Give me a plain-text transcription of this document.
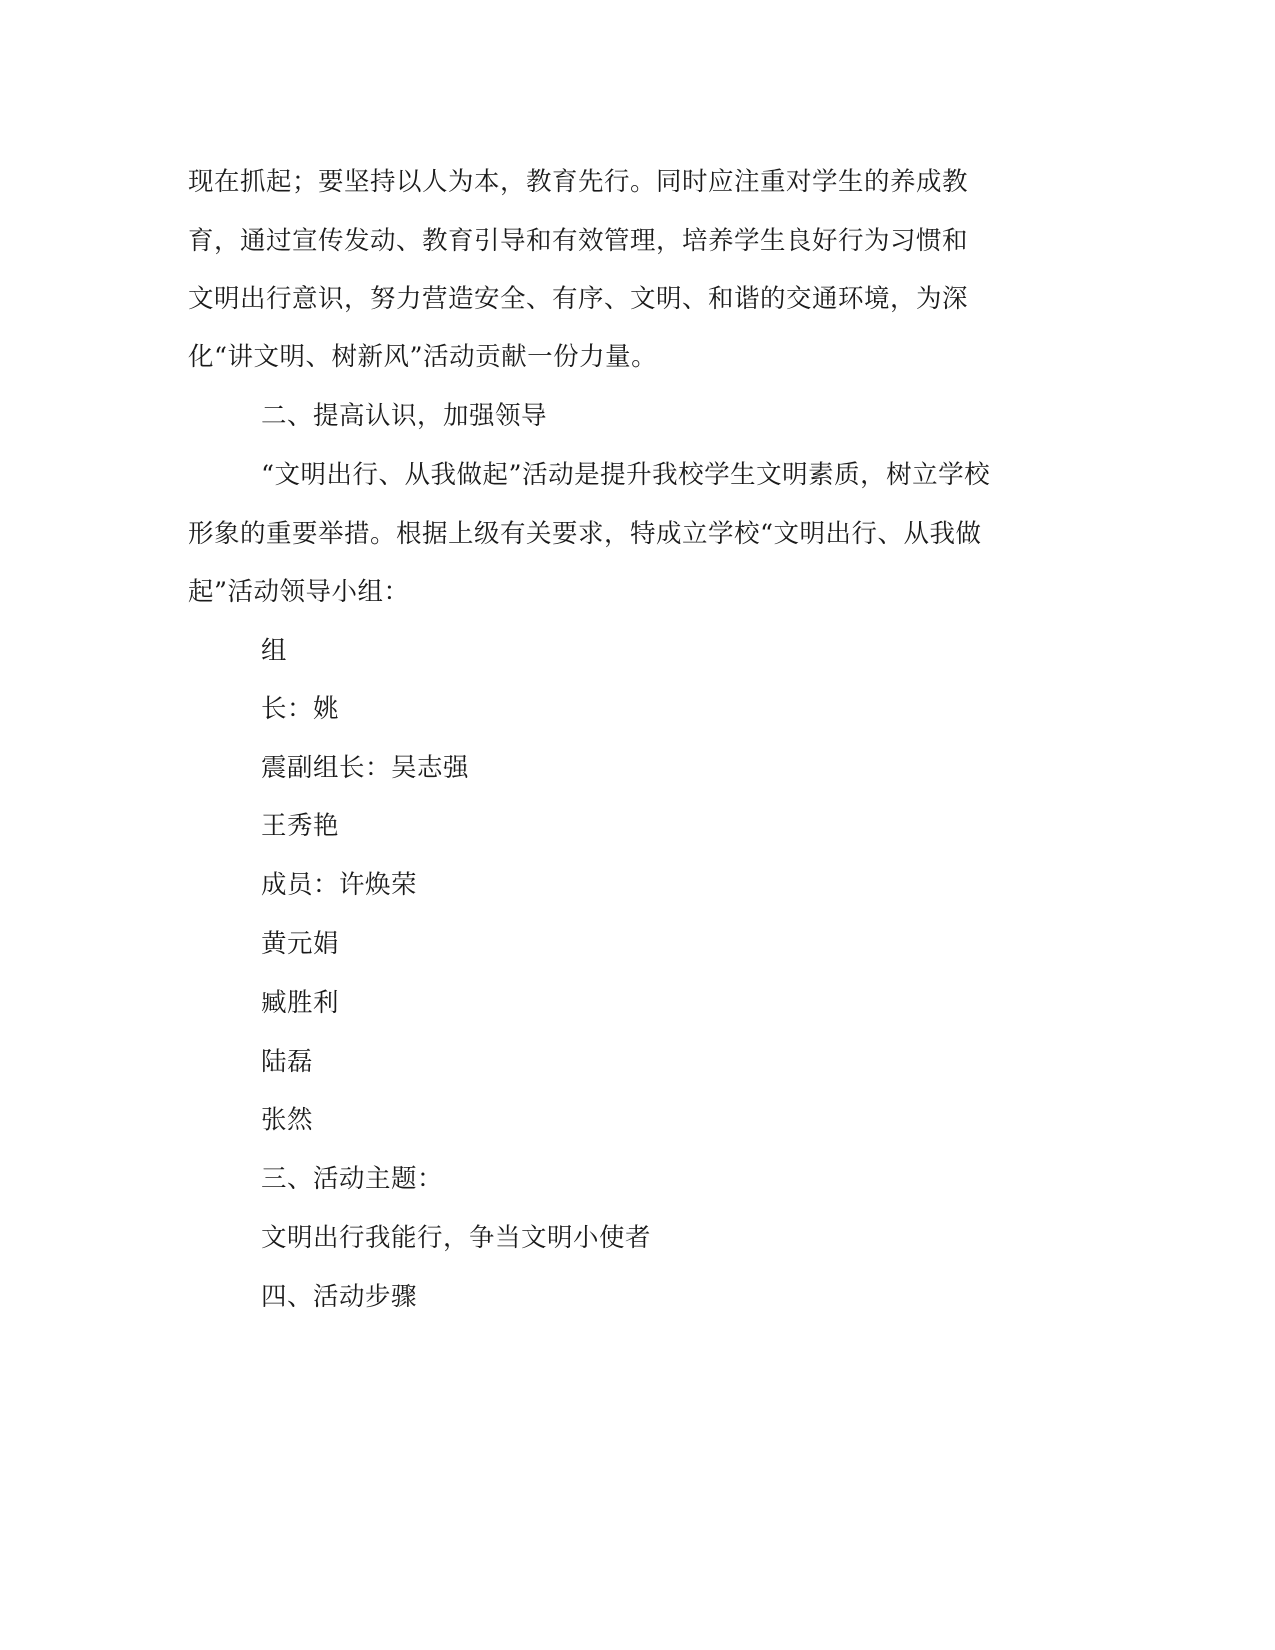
现在抓起；要坚持以人为本，教育先行。同时应注重对学生的养成教
育，通过宣传发动、教育引导和有效管理，培养学生良好行为习惯和
文明出行意识，努力营造安全、有序、文明、和谐的交通环境，为深
化“讲文明、树新风”活动贡献一份力量。
二、提高认识，加强领导
“文明出行、从我做起”活动是提升我校学生文明素质，树立学校
形象的重要举措。根据上级有关要求，特成立学校“文明出行、从我做
起”活动领导小组：
组
长：姚
震副组长：吴志强
王秀艳
成员：许焕荣
黄元娟
臧胜利
陆磊
张然
三、活动主题：
文明出行我能行，争当文明小使者
四、活动步骤
